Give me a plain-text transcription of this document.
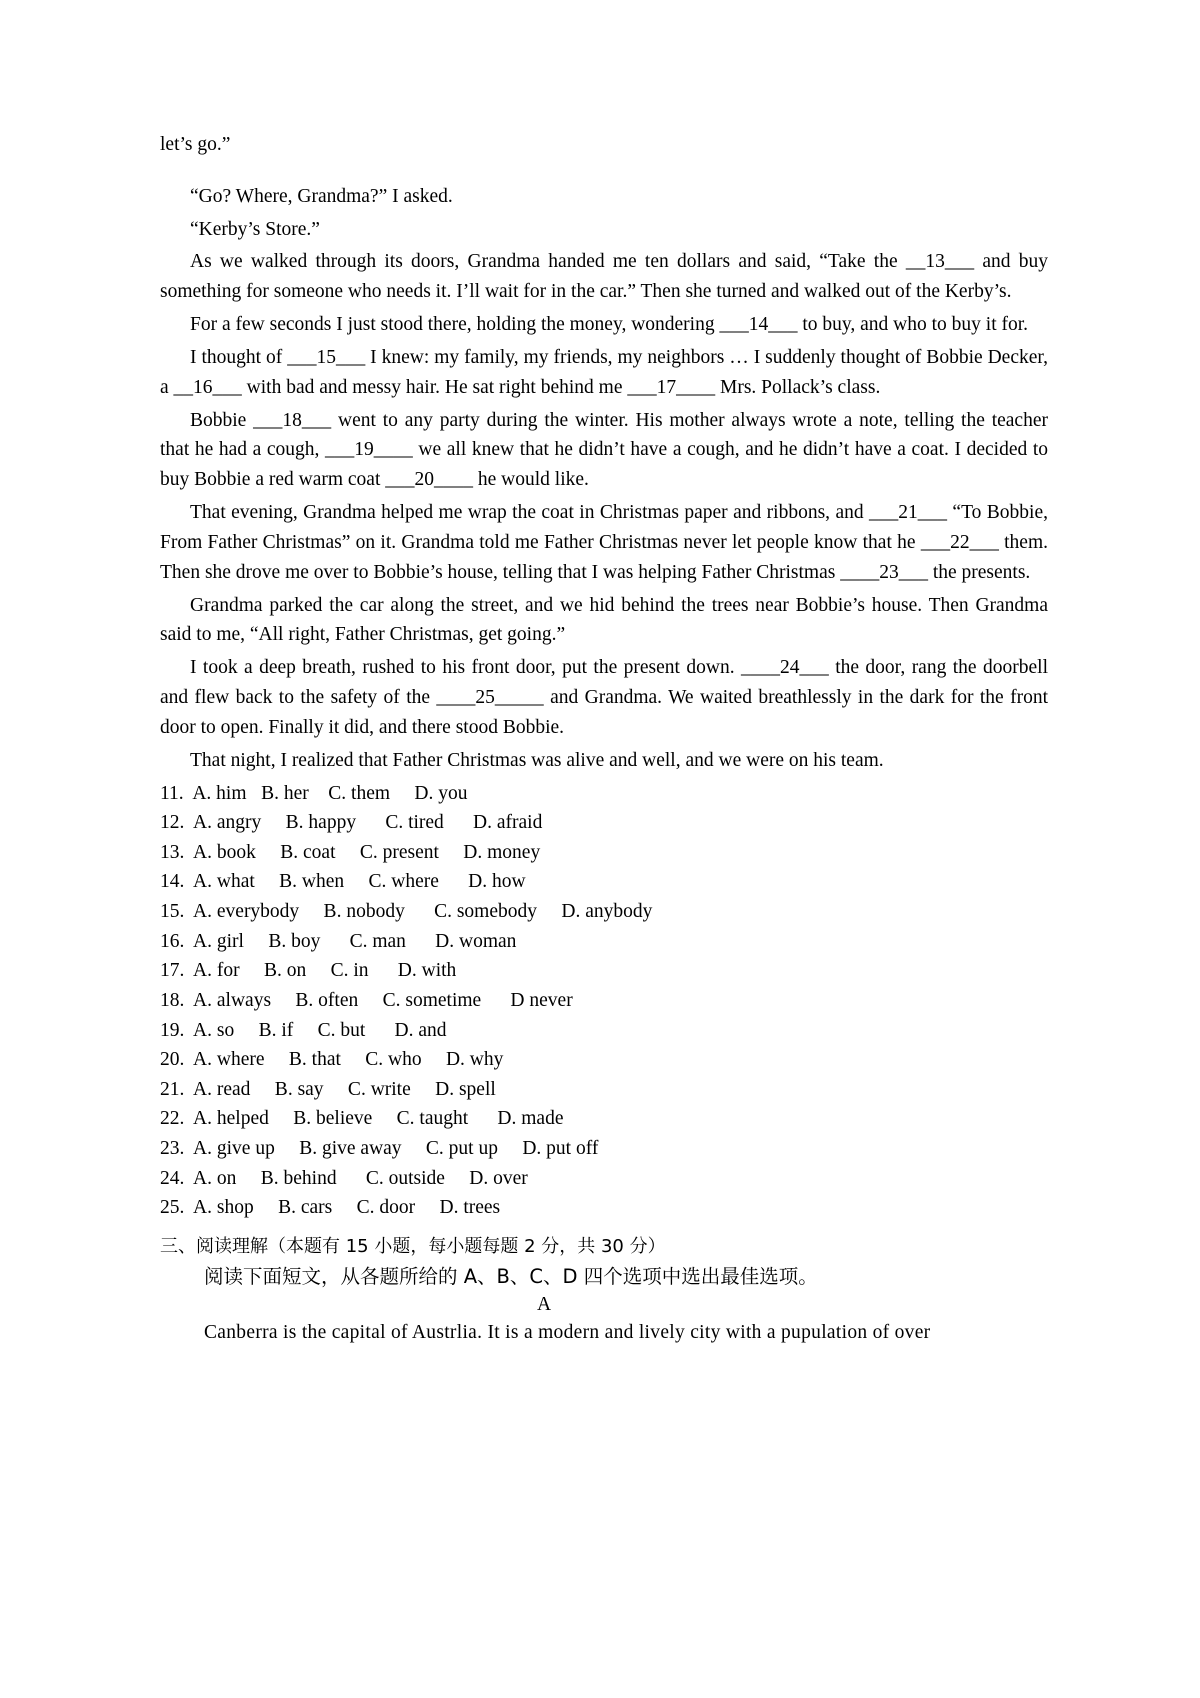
let’s go.”

“Go? Where, Grandma?” I asked.

“Kerby’s Store.”

As we walked through its doors, Grandma handed me ten dollars and said, “Take the __13___ and buy something for someone who needs it. I’ll wait for in the car.” Then she turned and walked out of the Kerby’s.

For a few seconds I just stood there, holding the money, wondering ___14___ to buy, and who to buy it for.

I thought of ___15___ I knew: my family, my friends, my neighbors … I suddenly thought of Bobbie Decker, a __16___ with bad and messy hair. He sat right behind me ___17____ Mrs. Pollack’s class.

Bobbie ___18___ went to any party during the winter. His mother always wrote a note, telling the teacher that he had a cough, ___19____ we all knew that he didn’t have a cough, and he didn’t have a coat. I decided to buy Bobbie a red warm coat ___20____ he would like.

That evening, Grandma helped me wrap the coat in Christmas paper and ribbons, and ___21___ “To Bobbie, From Father Christmas” on it. Grandma told me Father Christmas never let people know that he ___22___ them. Then she drove me over to Bobbie’s house, telling that I was helping Father Christmas ____23___ the presents.

Grandma parked the car along the street, and we hid behind the trees near Bobbie’s house. Then Grandma said to me, “All right, Father Christmas, get going.”

I took a deep breath, rushed to his front door, put the present down. ____24___ the door, rang the doorbell and flew back to the safety of the ____25_____ and Grandma. We waited breathlessly in the dark for the front door to open. Finally it did, and there stood Bobbie.

That night, I realized that Father Christmas was alive and well, and we were on his team.

11.  A. him   B. her    C. them     D. you

12.  A. angry     B. happy      C. tired      D. afraid

13.  A. book     B. coat     C. present     D. money

14.  A. what     B. when     C. where      D. how

15.  A. everybody     B. nobody      C. somebody     D. anybody

16.  A. girl     B. boy      C. man      D. woman

17.  A. for     B. on     C. in      D. with

18.  A. always     B. often     C. sometime      D never

19.  A. so     B. if     C. but      D. and

20.  A. where     B. that     C. who     D. why

21.  A. read     B. say     C. write     D. spell

22.  A. helped     B. believe     C. taught      D. made

23.  A. give up     B. give away     C. put up     D. put off

24.  A. on     B. behind      C. outside     D. over

25.  A. shop     B. cars     C. door     D. trees

三、阅读理解（本题有 15 小题，每小题每题 2 分，共 30 分）

阅读下面短文，从各题所给的 A、B、C、D 四个选项中选出最佳选项。

A

Canberra is the capital of Austrlia. It is a modern and lively city with a pupulation of over
